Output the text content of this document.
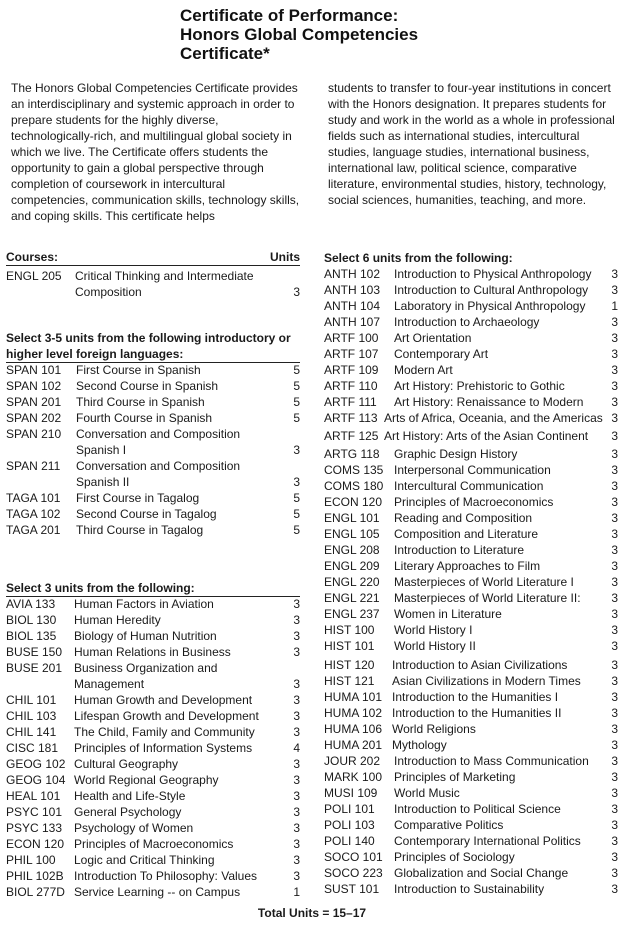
Certificate of Performance:
Honors Global Competencies
Certificate*
The Honors Global Competencies Certificate provides an interdisciplinary and systemic approach in order to prepare students for the highly diverse, technologically-rich, and multilingual global society in which we live. The Certificate offers students the opportunity to gain a global perspective through completion of coursework in intercultural competencies, communication skills, technology skills, and coping skills. This certificate helps
students to transfer to four-year institutions in concert with the Honors designation. It prepares students for study and work in the world as a whole in professional fields such as international studies, intercultural studies, language studies, international business, international law, political science, comparative literature, environmental studies, history, technology, social sciences, humanities, teaching, and more.
Courses:	Units
ENGL 205 Critical Thinking and Intermediate Composition	3
Select 3-5 units from the following introductory or higher level foreign languages:
SPAN 101 First Course in Spanish	5
SPAN 102 Second Course in Spanish	5
SPAN 201 Third Course in Spanish	5
SPAN 202 Fourth Course in Spanish	5
SPAN 210 Conversation and Composition Spanish I	3
SPAN 211 Conversation and Composition Spanish II	3
TAGA 101 First Course in Tagalog	5
TAGA 102 Second Course in Tagalog	5
TAGA 201 Third Course in Tagalog	5
Select 3 units from the following:
AVIA 133 Human Factors in Aviation	3
BIOL 130 Human Heredity	3
BIOL 135 Biology of Human Nutrition	3
BUSE 150 Human Relations in Business	3
BUSE 201 Business Organization and Management	3
CHIL 101 Human Growth and Development	3
CHIL 103 Lifespan Growth and Development	3
CHIL 141 The Child, Family and Community	3
CISC 181 Principles of Information Systems	4
GEOG 102 Cultural Geography	3
GEOG 104 World Regional Geography	3
HEAL 101 Health and Life-Style	3
PSYC 101 General Psychology	3
PSYC 133 Psychology of Women	3
ECON 120 Principles of Macroeconomics	3
PHIL 100 Logic and Critical Thinking	3
PHIL 102B Introduction To Philosophy: Values	3
BIOL 277D Service Learning -- on Campus	1
Select 6 units from the following:
ANTH 102 Introduction to Physical Anthropology 3
ANTH 103 Introduction to Cultural Anthropology 3
ANTH 104 Laboratory in Physical Anthropology 1
ANTH 107 Introduction to Archaeology	3
ARTF 100 Art Orientation	3
ARTF 107 Contemporary Art	3
ARTF 109 Modern Art	3
ARTF 110 Art History: Prehistoric to Gothic	3
ARTF 111 Art History: Renaissance to Modern 3
ARTF 113 Arts of Africa, Oceania, and the Americas 3
ARTF 125 Art History: Arts of the Asian Continent 3
ARTG 118 Graphic Design History	3
COMS 135 Interpersonal Communication	3
COMS 180 Intercultural Communication	3
ECON 120 Principles of Macroeconomics	3
ENGL 101 Reading and Composition	3
ENGL 105 Composition and Literature	3
ENGL 208 Introduction to Literature	3
ENGL 209 Literary Approaches to Film	3
ENGL 220 Masterpieces of World Literature I	3
ENGL 221 Masterpieces of World Literature II:	3
ENGL 237 Women in Literature	3
HIST 100 World History I	3
HIST 101 World History II	3
HIST 120 Introduction to Asian Civilizations	3
HIST 121 Asian Civilizations in Modern Times	3
HUMA 101 Introduction to the Humanities I	3
HUMA 102 Introduction to the Humanities II	3
HUMA 106 World Religions	3
HUMA 201 Mythology	3
JOUR 202 Introduction to Mass Communication 3
MARK 100 Principles of Marketing	3
MUSI 109 World Music	3
POLI 101 Introduction to Political Science	3
POLI 103 Comparative Politics	3
POLI 140 Contemporary International Politics	3
SOCO 101 Principles of Sociology	3
SOCO 223 Globalization and Social Change	3
SUST 101 Introduction to Sustainability	3
Total Units = 15–17
